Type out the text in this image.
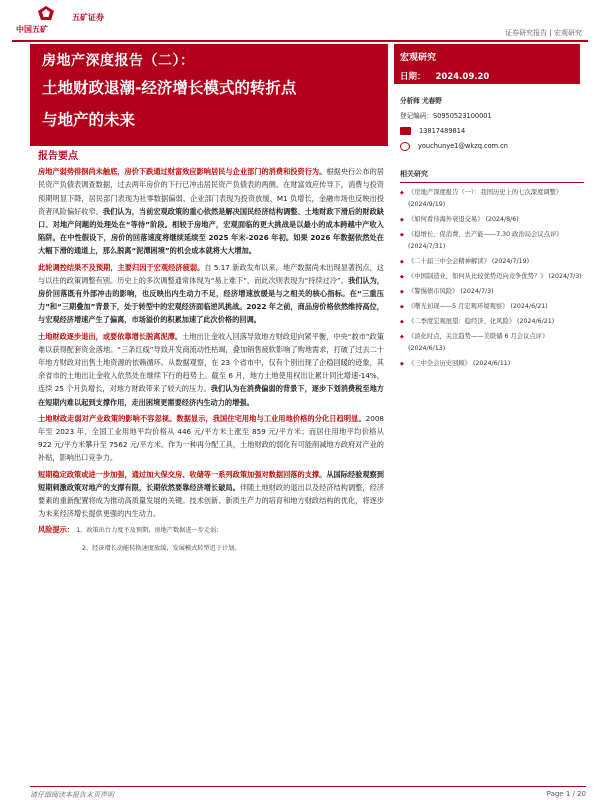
中国五矿
五矿证券
证券研究报告 | 宏观研究
房地产深度报告（二）：
土地财政退潮-经济增长模式的转折点
与地产的未来
宏观研究
日期： 2024.09.20
分析师 尤春野
登记编码：S0950523100001
13817489814
youchunye1@wkzq.com.cn
相关研究
◆ 《房地产深度报告（一）：我国历史上的七次深度调整》 (2024/9/19)
◆ 《如何看待海外衰退交易》 (2024/8/6)
◆ 《稳增长、促消费、去产能——7.30 政治局会议点评》 (2024/7/31)
◆ 《二十届三中全会精神解读》 (2024/7/19)
◆ 《中国制造业，如何从比较优势迈向竞争优势？》 (2024/7/3)
◆ 《警惕债市风险》 (2024/7/3)
◆ 《曙光初现——5 月宏观环境观察》 (2024/6/21)
◆ 《二季度宏观展望：稳经济、化风险》 (2024/6/21)
◆ 《淡化时点，关注趋势——美联储 6 月会议点评》 (2024/6/13)
◆ 《三中全会历史回顾》 (2024/6/11)
报告要点
房地产弱势徘徊尚未触底，房价下跌通过财富效应影响居民与企业部门的消费和投资行为。根据央行公布的居民资产负债表调查数据，过去两年房价的下行已冲击居民资产负债表的两侧。在财富效应传导下，消费与投资预期明显下降，居民部门表现为社零数据偏弱、企业部门表现为投资放缓、M1 负增长，金融市场也反映出投资者风险偏好收窄。我们认为，当前宏观政策的重心依然是解决国民经济结构调整、土地财政下滑后的财政缺口、对地产问题的处理处在“等待”阶段。相较于房地产，宏观面临的更大挑战是以最小的成本跨越中产收入陷阱。在中性假设下，房价的回落速度将继续延续至 2025 年末-2026 年初。如果 2026 年数据依然处在大幅下滑的通道上，那么脱离“泥潭困境”的机会成本就将大大增加。
此轮调控结果不及预期，主要归因于宏观经济疲弱。自 5.17 新政发布以来，地产数据尚未出现显著拐点，这与以往的政策调整有别。历史上的多次调整通常体现为“易上难下”，而此次则表现为“持续过冷”。我们认为，房价回落既有外部冲击的影响，也反映出内生动力不足，经济增速放缓是与之相关的核心指标。在“三重压力”和“三期叠加”背景下，处于转型中的宏观经济面临逆风挑战。2022 年之前，商品房价格依然维持高位，与宏观经济增速产生了偏离，市场溢价的积累加速了此次价格的回调。
土地财政逐步退出，或要依靠增长脱离泥潭。土地出让金收入回落导致地方财政迎向紧平衡，中央“救市”政策难以获得配套资金落地。“三条红线”导致开发商流动性枯竭，叠加销售疲软影响了购地需求，打破了过去二十年地方财政对出售土地资源的依赖循环。从数据观察，在 23 个省市中，仅有个别出现了企稳回暖的迹象，其余省市的土地出让金收入依然处在继续下行的趋势上。截至 6 月，地方土地使用权出让累计同比增速-14%，连续 25 个月负增长，对地方财政带来了较大的压力。我们认为在消费偏弱的背景下，逐步下划消费税至地方在短期内难以起到支撑作用，走出困境更需要经济内生动力的增强。
土地财政走弱对产业政策的影响不容忽视。数据显示，我国住宅用地与工业用地价格的分化日趋明显。2008 年至 2023 年，全国工业用地平均价格从 446 元/平方米上涨至 859 元/平方米；而居住用地平均价格从 922 元/平方米攀升至 7562 元/平方米。作为一种再分配工具，土地财政的弱化有可能削减地方政府对产业的补贴，影响出口竞争力。
短期稳定政策或进一步加强，通过加大保交房、收储等一系列政策加强对数据回落的支撑。从国际经验观察到短期刺激政策对地产的支撑有限，长期依然要靠经济增长破局。伴随土地财政的退出以及经济结构调整，经济要素的重新配置将成为推动高质量发展的关键。技术创新、新质生产力的培育和地方财政结构的优化，将逐步为未来经济增长提供更强的内生动力。
风险提示： 1、政策出台力度不及预期，房地产数据进一步走弱；
2、经济增长动能转换速度放缓，发展模式转型迟于计划。
请仔细阅读本报告末页声明	Page 1 / 20
